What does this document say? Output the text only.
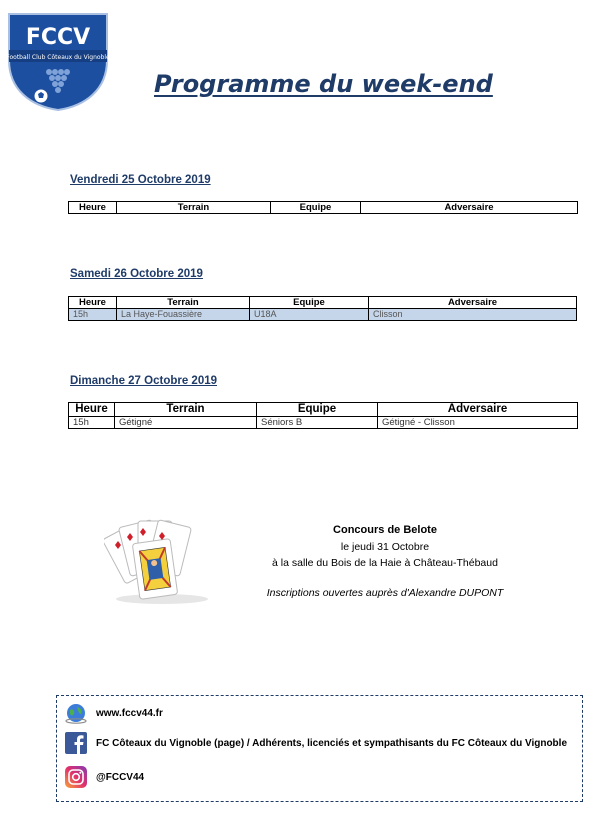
FCCV
Football Club Côteaux du Vignoble
Programme du week-end
Vendredi 25 Octobre 2019
Heure	Terrain	Equipe	Adversaire
Samedi 26 Octobre 2019
Heure	Terrain	Equipe	Adversaire
15h	La Haye-Fouassière	U18A	Clisson
Dimanche 27 Octobre 2019
Heure	Terrain	Equipe	Adversaire
15h	Gétigné	Séniors B	Gétigné - Clisson

Concours de Belote

le jeudi 31 Octobre

à la salle du Bois de la Haie à Château-Thébaud

Inscriptions ouvertes auprès d'Alexandre DUPONT

www.fccv44.fr
FC Côteaux du Vignoble (page) / Adhérents, licenciés et sympathisants du FC Côteaux du Vignoble
@FCCV44
